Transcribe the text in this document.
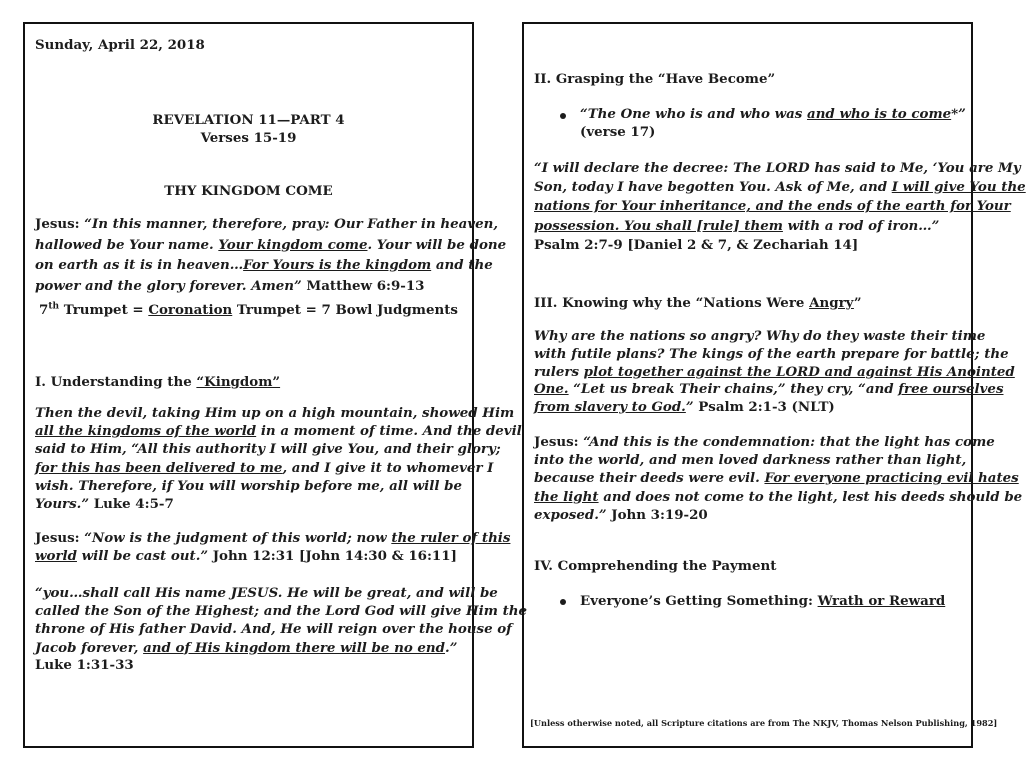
Sunday, April 22, 2018
REVELATION 11—PART 4
Verses 15-19
THY KINGDOM COME
Jesus: “In this manner, therefore, pray: Our Father in heaven,
hallowed be Your name. Your kingdom come. Your will be done
on earth as it is in heaven…For Yours is the kingdom and the
power and the glory forever. Amen” Matthew 6:9-13
7th Trumpet = Coronation Trumpet = 7 Bowl Judgments
I. Understanding the “Kingdom”
Then the devil, taking Him up on a high mountain, showed Him
all the kingdoms of the world in a moment of time. And the devil
said to Him, “All this authority I will give You, and their glory;
for this has been delivered to me, and I give it to whomever I
wish. Therefore, if You will worship before me, all will be
Yours.” Luke 4:5-7
Jesus: “Now is the judgment of this world; now the ruler of this
world will be cast out.” John 12:31 [John 14:30 & 16:11]
“you…shall call His name JESUS. He will be great, and will be
called the Son of the Highest; and the Lord God will give Him the
throne of His father David. And, He will reign over the house of
Jacob forever, and of His kingdom there will be no end.”
Luke 1:31-33
II. Grasping the “Have Become”
“The One who is and who was and who is to come*”
(verse 17)
“I will declare the decree: The LORD has said to Me, ‘You are My
Son, today I have begotten You. Ask of Me, and I will give You the
nations for Your inheritance, and the ends of the earth for Your
possession. You shall [rule] them with a rod of iron…”
Psalm 2:7-9 [Daniel 2 & 7, & Zechariah 14]
III. Knowing why the “Nations Were Angry”
Why are the nations so angry? Why do they waste their time
with futile plans? The kings of the earth prepare for battle; the
rulers plot together against the LORD and against His Anointed
One. “Let us break Their chains,” they cry, “and free ourselves
from slavery to God.” Psalm 2:1-3 (NLT)
Jesus: “And this is the condemnation: that the light has come
into the world, and men loved darkness rather than light,
because their deeds were evil. For everyone practicing evil hates
the light and does not come to the light, lest his deeds should be
exposed.” John 3:19-20
IV. Comprehending the Payment
Everyone’s Getting Something: Wrath or Reward
[Unless otherwise noted, all Scripture citations are from The NKJV, Thomas Nelson Publishing, 1982]
